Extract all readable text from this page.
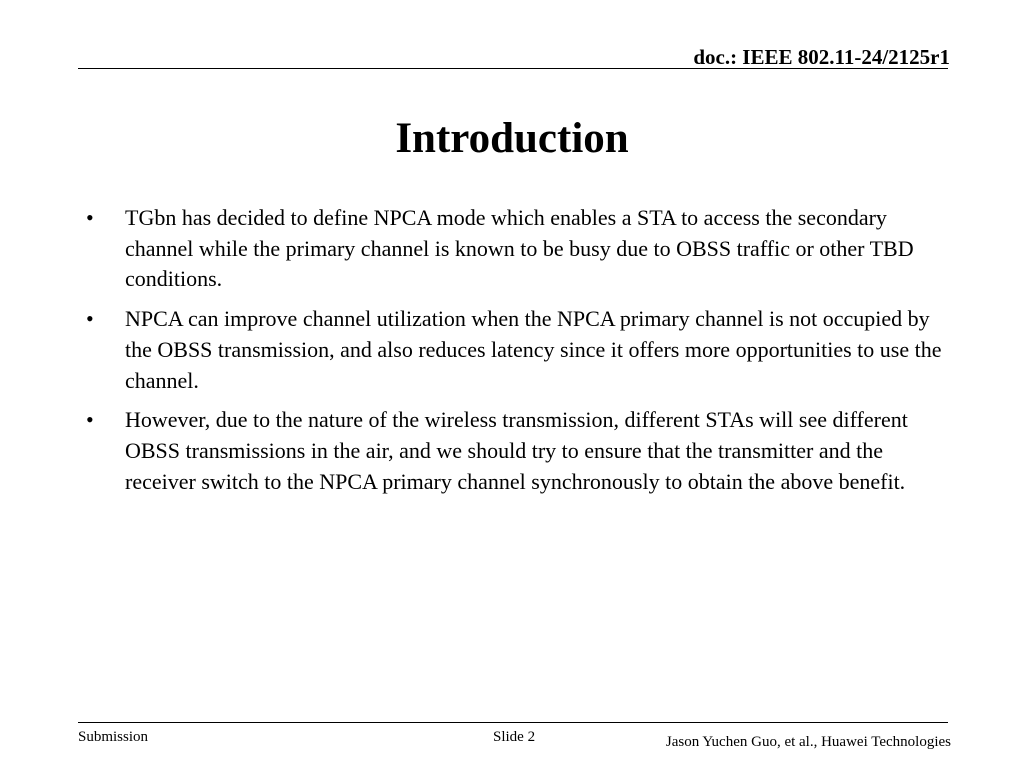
doc.: IEEE 802.11-24/2125r1
Introduction
•	TGbn has decided to define NPCA mode which enables a STA to access the secondary channel while the primary channel is known to be busy due to OBSS traffic or other TBD conditions.
•	NPCA can improve channel utilization when the NPCA primary channel is not occupied by the OBSS transmission, and also reduces latency since it offers more opportunities to use the channel.
•	However, due to the nature of the wireless transmission, different STAs will see different OBSS transmissions in the air, and we should try to ensure that the transmitter and the receiver switch to the NPCA primary channel synchronously to obtain the above benefit.
Submission	Slide 2	Jason Yuchen Guo, et al., Huawei Technologies
